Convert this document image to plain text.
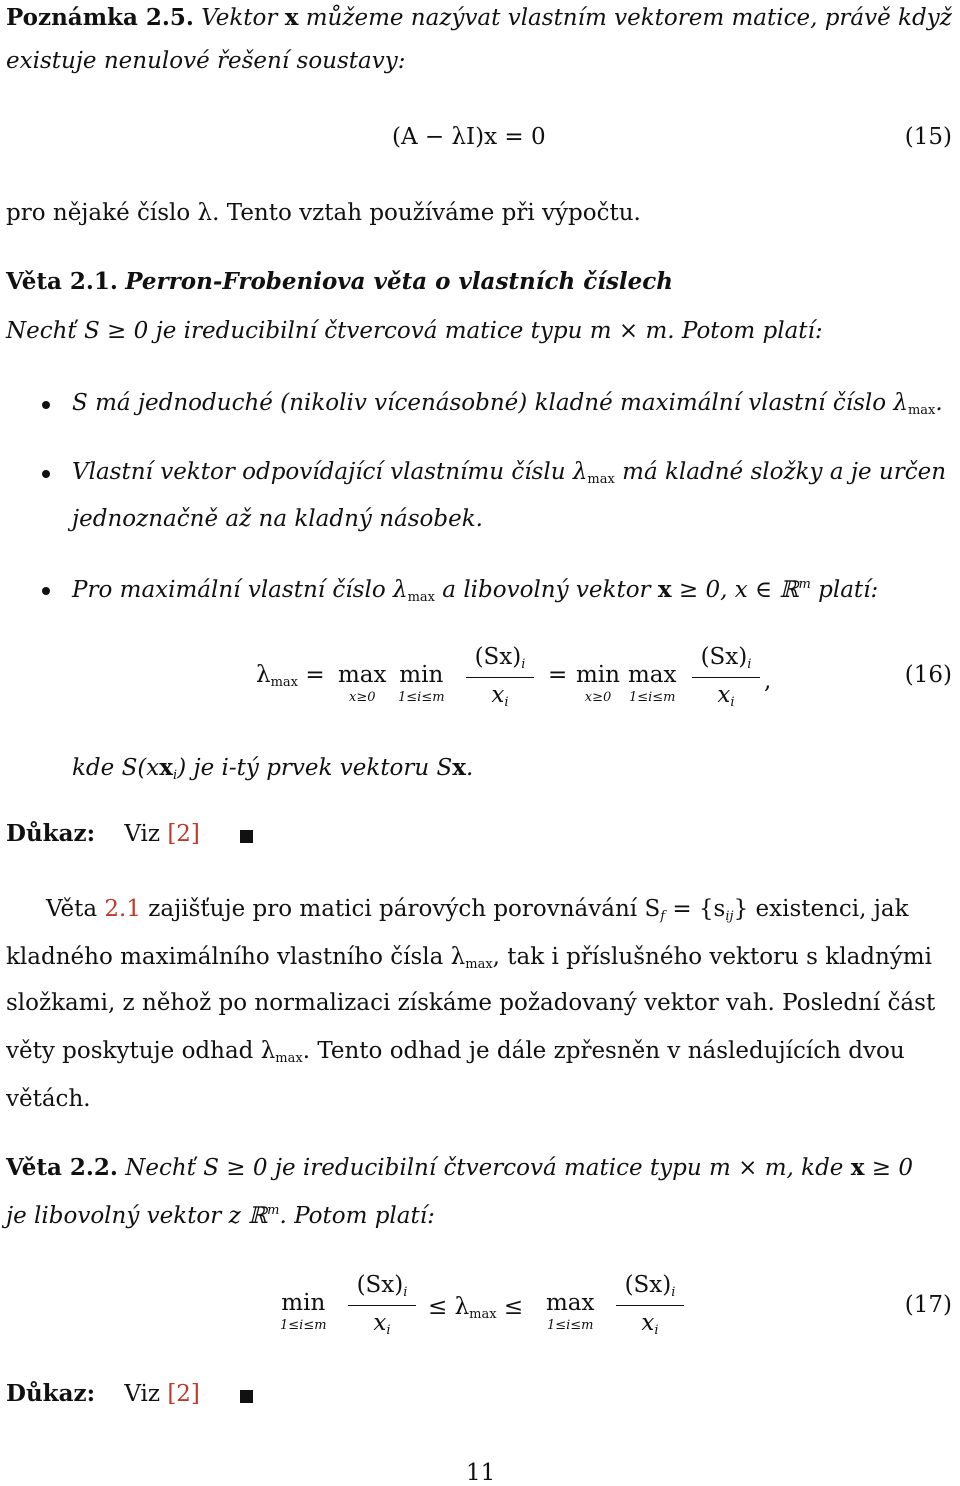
Poznámka 2.5. Vektor x můžeme nazývat vlastním vektorem matice, právě když
existuje nenulové řešení soustavy:
(A − λI)x = 0	(15)
pro nějaké číslo λ. Tento vztah používáme při výpočtu.
Věta 2.1. Perron-Frobeniova věta o vlastních číslech
Nechť S ≥ 0 je ireducibilní čtvercová matice typu m × m. Potom platí:
S má jednoduché (nikoliv vícenásobné) kladné maximální vlastní číslo $\lambda_{max}$.
Vlastní vektor odpovídající vlastnímu číslu $\lambda_{max}$ má kladné složky a je určen
jednoznačně až na kladný násobek.
Pro maximální vlastní číslo $\lambda_{max}$ a libovolný vektor x ≥ 0, x ∈ ℝ$^m$ platí:
$\lambda_{max} = \max$
x≥0
min
$1\le i\le m \frac{(Sx)i}{xi} = \min$
x≥0
max
$1\le i\le m \frac{(Sx)i}{xi}$ ,	(16)
kde S(xxi) je i-tý prvek vektoru Sx.
Důkaz: Viz [2]
Věta 2.1 zajišťuje pro matici párových porovnávání Sf = {sij} existenci, jak
kladného maximálního vlastního čísla $\lambda_{max}$, tak i příslušného vektoru s kladnými
složkami, z něhož po normalizaci získáme požadovaný vektor vah. Poslední část
věty poskytuje odhad $\lambda_{max}$. Tento odhad je dále zpřesněn v následujících dvou
větách.
Věta 2.2. Nechť S ≥ 0 je ireducibilní čtvercová matice typu m × m, kde x ≥ 0
je libovolný vektor z ℝ$^m$. Potom platí:
min
$1\le i\le m \frac{(Sx)i}{xi} \le \lambda_{max} \le \max$
$1\le i\le m \frac{(Sx)i}{xi}$	(17)
Důkaz: Viz [2]
11
